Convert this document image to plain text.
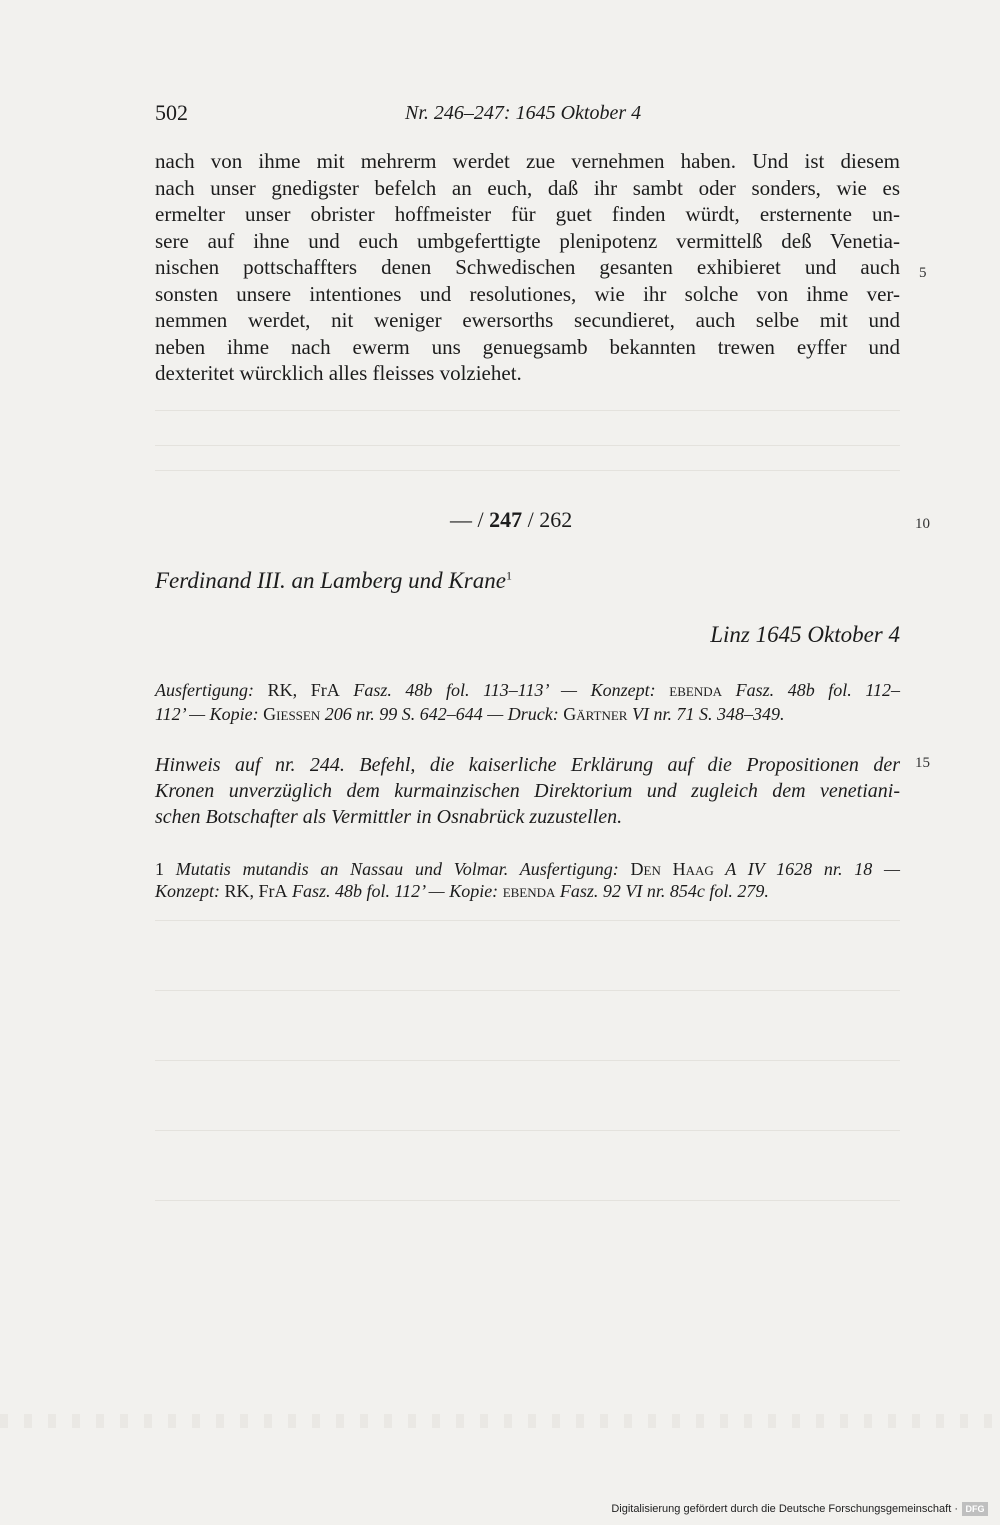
502	Nr. 246–247: 1645 Oktober 4
nach von ihme mit mehrerm werdet zue vernehmen haben. Und ist diesem
nach unser gnedigster befelch an euch, daß ihr sambt oder sonders, wie es
ermelter unser obrister hoffmeister für guet finden würdt, ersternente un-
sere auf ihne und euch umbgeferttigte plenipotenz vermittelß deß Venetia-
nischen pottschaffters denen Schwedischen gesanten exhibieret und auch
sonsten unsere intentiones und resolutiones, wie ihr solche von ihme ver-
nemmen werdet, nit weniger ewersorths secundieret, auch selbe mit und
neben ihme nach ewerm uns genuegsamb bekannten trewen eyffer und
dexteritet würcklich alles fleisses volziehet.
5
10
15
— / 247 / 262
Ferdinand III. an Lamberg und Krane$^1$
Linz 1645 Oktober 4
Ausfertigung: RK, FrA Fasz. 48b fol. 113–113’ — Konzept: ebenda Fasz. 48b fol. 112–
112’ — Kopie: Giessen 206 nr. 99 S. 642–644 — Druck: Gärtner VI nr. 71 S. 348–349.
Hinweis auf nr. 244. Befehl, die kaiserliche Erklärung auf die Propositionen der
Kronen unverzüglich dem kurmainzischen Direktorium und zugleich dem venetiani-
schen Botschafter als Vermittler in Osnabrück zuzustellen.
1 Mutatis mutandis an Nassau und Volmar. Ausfertigung: Den Haag A IV 1628 nr. 18 —
Konzept: RK, FrA Fasz. 48b fol. 112’ — Kopie: ebenda Fasz. 92 VI nr. 854c fol. 279.
Digitalisierung gefördert durch die Deutsche Forschungsgemeinschaft · DFG
